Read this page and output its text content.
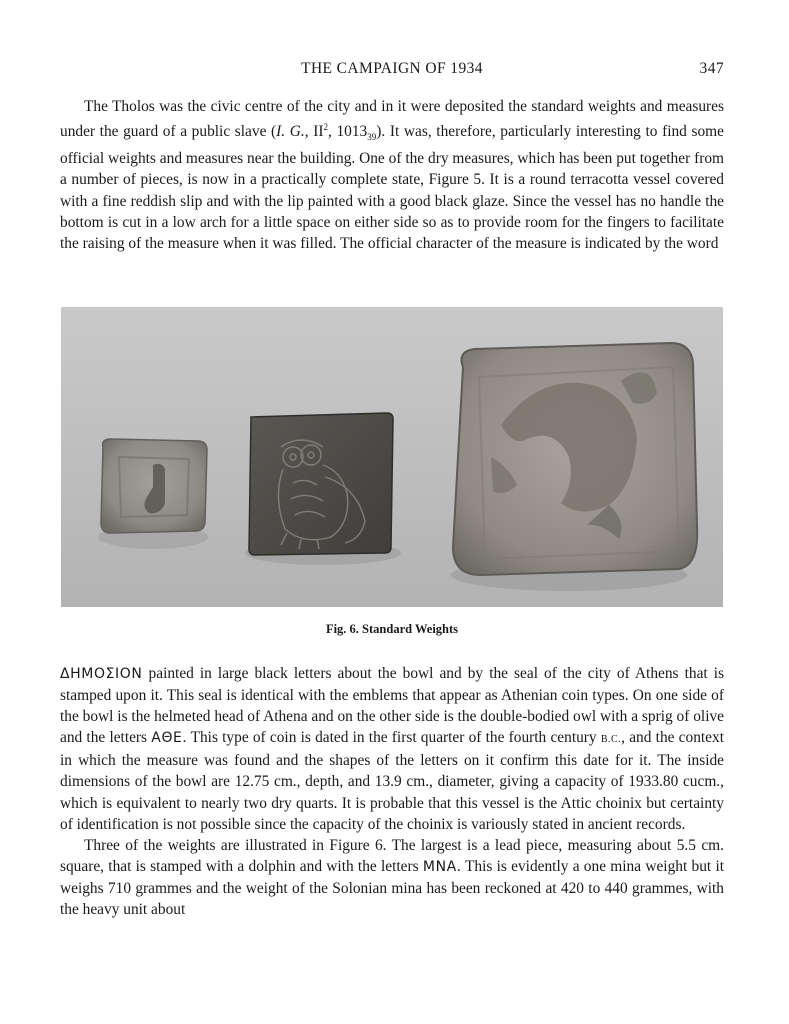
THE CAMPAIGN OF 1934	347

The Tholos was the civic centre of the city and in it were deposited the standard weights and measures under the guard of a public slave (I. G., $II^2$, $1013_{39}$). It was, therefore, particularly interesting to find some official weights and measures near the building. One of the dry measures, which has been put together from a number of pieces, is now in a practically complete state, Figure 5. It is a round terracotta vessel covered with a fine reddish slip and with the lip painted with a good black glaze. Since the vessel has no handle the bottom is cut in a low arch for a little space on either side so as to provide room for the fingers to facilitate the raising of the measure when it was filled. The official character of the measure is indicated by the word

Fig. 6. Standard Weights

ΔΗΜΟΣΙΟΝ painted in large black letters about the bowl and by the seal of the city of Athens that is stamped upon it. This seal is identical with the emblems that appear as Athenian coin types. On one side of the bowl is the helmeted head of Athena and on the other side is the double-bodied owl with a sprig of olive and the letters ΑΘΕ. This type of coin is dated in the first quarter of the fourth century B.C., and the context in which the measure was found and the shapes of the letters on it confirm this date for it. The inside dimensions of the bowl are 12.75 cm., depth, and 13.9 cm., diameter, giving a capacity of 1933.80 cucm., which is equivalent to nearly two dry quarts. It is probable that this vessel is the Attic choinix but certainty of identification is not possible since the capacity of the choinix is variously stated in ancient records.

Three of the weights are illustrated in Figure 6. The largest is a lead piece, measuring about 5.5 cm. square, that is stamped with a dolphin and with the letters ΜΝΑ. This is evidently a one mina weight but it weighs 710 grammes and the weight of the Solonian mina has been reckoned at 420 to 440 grammes, with the heavy unit about
